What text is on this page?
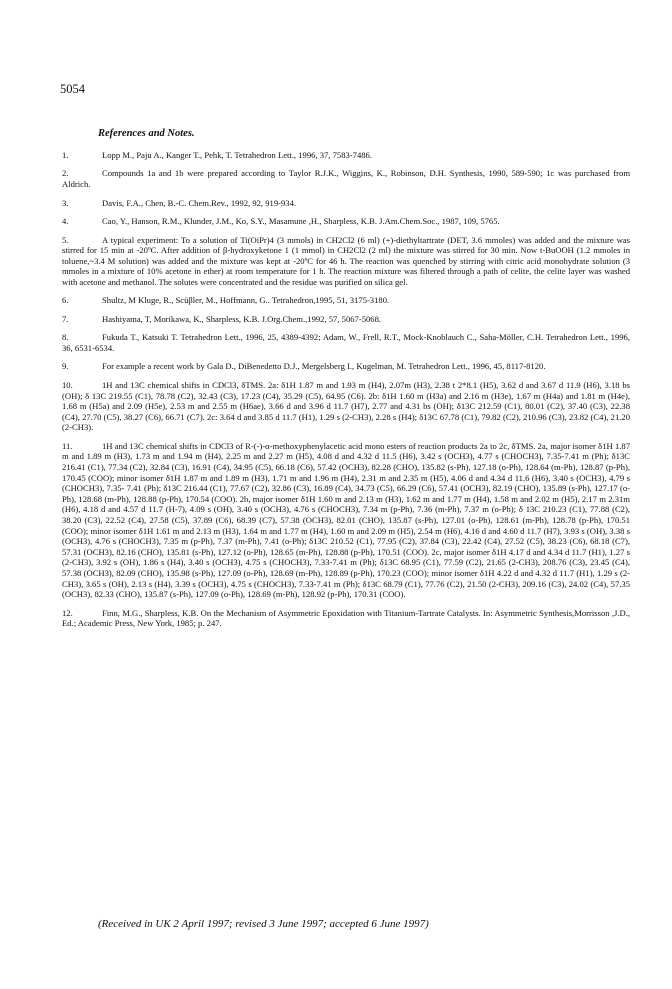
5054
References and Notes.
1.	Lopp M., Paju A., Kanger T., Pehk, T. Tetrahedron Lett., 1996, 37, 7583-7486.
2.	Compounds 1a and 1b were prepared according to Taylor R.J.K., Wiggins, K., Robinson, D.H. Synthesis, 1990, 589-590; 1c was purchased from Aldrich.
3.	Davis, F.A., Chen, B.-C. Chem.Rev., 1992, 92, 919-934.
4.	Cao, Y., Hanson, R.M., Klunder, J.M., Ko, S.Y., Masamune ,H., Sharpless, K.B. J.Am.Chem.Soc., 1987, 109, 5765.
5.	A typical experiment: To a solution of Ti(OiPr)4 (3 mmols) in CH2Cl2 (6 ml) (+)-diethyltartrate (DET, 3.6 mmoles) was added and the mixture was stirred for 15 min at -20ºC. After addition of β-hydroxyketone 1 (1 mmol) in CH2Cl2 (2 ml) the mixture was stirred for 30 min. Now t-BuOOH (1.2 mmoles in toluene,~3.4 M solution) was added and the mixture was kept at -20ºC for 46 h. The reaction was quenched by stirring with citric acid monohydrate solution (3 mmoles in a mixture of 10% acetone in ether) at room temperature for 1 h. The reaction mixture was filtered through a path of celite, the celite layer was washed with acetone and methanol. The solutes were concentrated and the residue was purified on silica gel.
6.	Shultz, M Kluge, R., Scüβler, M., Hoffmann, G.. Tetrahedron,1995, 51, 3175-3180.
7.	Hashiyama, T, Morikawa, K., Sharpless, K.B. J.Org.Chem.,1992, 57, 5067-5068.
8.	Fukuda T., Katsuki T. Tetrahedron Lett., 1996, 25, 4389-4392; Adam, W., Frell, R.T., Mock-Knoblauch C., Saha-Möller, C.H. Tetrahedron Lett., 1996, 36, 6531-6534.
9.	For example a recent work by Gala D., DiBenedetto D.J., Mergelsberg I., Kugelman, M. Tetrahedron Lett., 1996, 45, 8117-8120.
10.	1H and 13C chemical shifts in CDCl3, δTMS. 2a: δ1H 1.87 m and 1.93 m (H4), 2.07m (H3), 2.38 t 2*8.1 (H5), 3.62 d and 3.67 d 11.9 (H6), 3.18 bs (OH); δ 13C 219.55 (C1), 78.78 (C2), 32.43 (C3), 17.23 (C4), 35.29 (C5), 64.95 (C6). 2b: δ1H 1.60 m (H3a) and 2.16 m (H3e), 1.67 m (H4a) and 1.81 m (H4e), 1.68 m (H5a) and 2.09 (H5e), 2.53 m and 2.55 m (H6ae), 3.66 d and 3.96 d 11.7 (H7), 2.77 and 4.31 bs (OH); δ13C 212.59 (C1), 80.01 (C2), 37.40 (C3), 22.38 (C4), 27.70 (C5), 38.27 (C6), 66.71 (C7). 2c: 3.64 d and 3.85 d 11.7 (H1), 1.29 s (2-CH3), 2.28 s (H4); δ13C 67.78 (C1), 79.82 (C2), 210.96 (C3), 23.82 (C4), 21.20 (2-CH3).
11.	1H and 13C chemical shifts in CDCl3 of R-(-)-α-methoxyphenylacetic acid mono esters of reaction products 2a to 2c, δTMS. 2a, major isomer δ1H 1.87 m and 1.89 m (H3), 1.73 m and 1.94 m (H4), 2.25 m and 2.27 m (H5), 4.08 d and 4.32 d 11.5 (H6), 3.42 s (OCH3), 4.77 s (CHOCH3), 7.35-7.41 m (Ph); δ13C 216.41 (C1), 77.34 (C2), 32.84 (C3), 16.91 (C4), 34.95 (C5), 66.18 (C6), 57.42 (OCH3), 82.28 (CHO), 135.82 (s-Ph), 127.18 (o-Ph), 128.64 (m-Ph), 128.87 (p-Ph), 170.45 (COO); minor isomer δ1H 1.87 m and 1.89 m (H3), 1.71 m and 1.96 m (H4), 2.31 m and 2.35 m (H5), 4.06 d and 4.34 d 11.6 (H6), 3.40 s (OCH3), 4.79 s (CHOCH3), 7.35- 7.41 (Ph); δ13C 216.44 (C1), 77.67 (C2), 32.86 (C3), 16.89 (C4), 34.73 (C5), 66.29 (C6), 57.41 (OCH3), 82.19 (CHO), 135.89 (s-Ph), 127.17 (o-Ph), 128.68 (m-Ph), 128.88 (p-Ph), 170.54 (COO). 2b, major isomer δ1H 1.60 m and 2.13 m (H3), 1.62 m and 1.77 m (H4), 1.58 m and 2.02 m (H5), 2.17 m 2.31m (H6), 4.18 d and 4.57 d 11.7 (H-7), 4.09 s (OH), 3.40 s (OCH3), 4.76 s (CHOCH3), 7.34 m (p-Ph), 7.36 (m-Ph), 7.37 m (o-Ph); δ 13C 210.23 (C1), 77.88 (C2), 38.20 (C3), 22.52 (C4), 27.58 (C5), 37.89 (C6), 68.39 (C7), 57.38 (OCH3), 82.01 (CHO), 135.87 (s-Ph), 127.01 (o-Ph), 128.61 (m-Ph), 128.78 (p-Ph), 170.51 (COO); minor isomer δ1H 1.61 m and 2.13 m (H3), 1.64 m and 1.77 m (H4), 1.60 m and 2.09 m (H5), 2.54 m (H6), 4.16 d and 4.60 d 11.7 (H7), 3.93 s (OH), 3.38 s (OCH3), 4.76 s (CHOCH3), 7.35 m (p-Ph), 7.37 (m-Ph), 7.41 (o-Ph); δ13C 210.52 (C1), 77.95 (C2), 37.84 (C3), 22.42 (C4), 27.52 (C5), 38.23 (C6), 68.18 (C7), 57.31 (OCH3), 82.16 (CHO), 135.81 (s-Ph), 127.12 (o-Ph), 128.65 (m-Ph), 128.88 (p-Ph), 170.51 (COO). 2c, major isomer δ1H 4.17 d and 4.34 d 11.7 (H1), 1.27 s (2-CH3), 3.92 s (OH), 1.86 s (H4), 3.40 s (OCH3), 4.75 s (CHOCH3), 7.33-7.41 m (Ph); δ13C 68.95 (C1), 77.59 (C2), 21.65 (2-CH3), 208.76 (C3), 23.45 (C4), 57.38 (OCH3), 82.09 (CHO), 135.98 (s-Ph), 127.09 (o-Ph), 128.69 (m-Ph), 128.89 (p-Ph), 170.23 (COO); minor isomer δ1H 4.22 d and 4.32 d 11.7 (H1), 1.29 s (2-CH3), 3.65 s (OH), 2.13 s (H4), 3.39 s (OCH3), 4.75 s (CHOCH3), 7.33-7.41 m (Ph); δ13C 68.79 (C1), 77.76 (C2), 21.50 (2-CH3), 209.16 (C3), 24.02 (C4), 57.35 (OCH3), 82.33 (CHO), 135.87 (s-Ph), 127.09 (o-Ph), 128.69 (m-Ph), 128.92 (p-Ph), 170.31 (COO).
12.	Finn, M.G., Sharpless, K.B. On the Mechanism of Asymmetric Epoxidation with Titanium-Tartrate Catalysts. In: Asymmetric Synthesis,Morrisson ,J.D., Ed.; Academic Press, New York, 1985; p. 247.
(Received in UK 2 April 1997; revised 3 June 1997; accepted 6 June 1997)
